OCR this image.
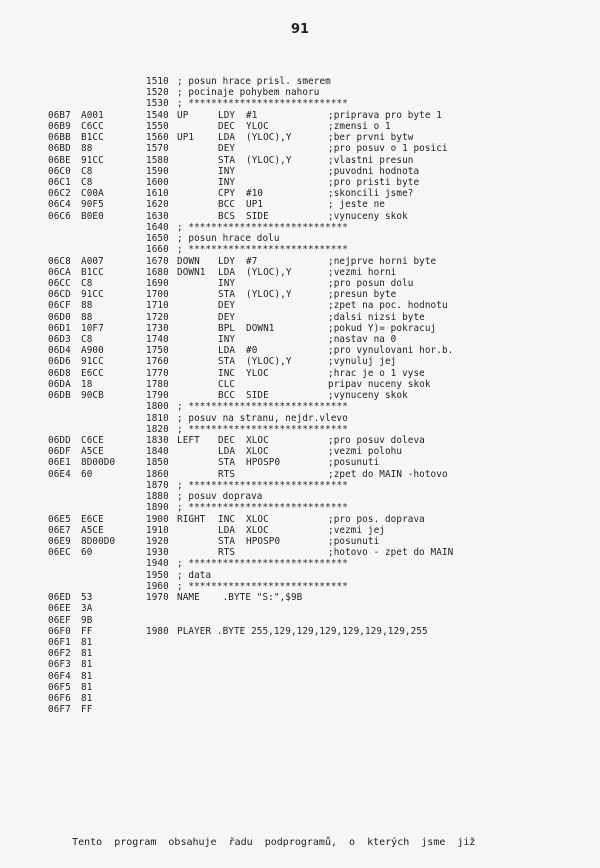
91
1510 ; posun hrace prisl. smerem
1520 ; pocinaje pohybem nahoru
1530 ; ****************************
06B7 A001	1540 UP	LDY #1	;priprava pro byte 1
06B9 C6CC	1550	DEC YLOC	;zmensi o 1
06BB B1CC	1560 UP1	LDA (YLOC),Y	;ber prvni bytw
06BD 88	1570	DEY	;pro posuv o 1 posici
06BE 91CC	1580	STA (YLOC),Y	;vlastni presun
06C0 C8	1590	INY	;puvodni hodnota
06C1 C8	1600	INY	;pro pristi byte
06C2 C00A	1610	CPY #10	;skoncili jsme?
06C4 90F5	1620	BCC UP1	; jeste ne
06C6 B0E0	1630	BCS SIDE	;vynuceny skok
1640 ; ****************************
1650 ; posun hrace dolu
1660 ; ****************************
06C8 A007	1670 DOWN LDY #7	;nejprve horni byte
06CA B1CC	1680 DOWN1 LDA (YLOC),Y	;vezmi horni
06CC C8	1690	INY	;pro posun dolu
06CD 91CC	1700	STA (YLOC),Y	;presun byte
06CF 88	1710	DEY	;zpet na poc. hodnotu
06D0 88	1720	DEY	;dalsi nizsi byte
06D1 10F7	1730	BPL DOWN1	;pokud Y)= pokracuj
06D3 C8	1740	INY	;nastav na 0
06D4 A900	1750	LDA #0	;pro vynulovani hor.b.
06D6 91CC	1760	STA (YLOC),Y	;vynuluj jej
06D8 E6CC	1770	INC YLOC	;hrac je o 1 vyse
06DA 18	1780	CLC	pripav nuceny skok
06DB 90CB	1790	BCC SIDE	;vynuceny skok
1800 ; ****************************
1810 ; posuv na stranu, nejdr.vlevo
1820 ; ****************************
06DD C6CE	1830 LEFT DEC XLOC	;pro posuv doleva
06DF A5CE	1840	LDA XLOC	;vezmi polohu
06E1 8D00D0	1850	STA HPOSP0	;posunuti
06E4 60	1860	RTS	;zpet do MAIN -hotovo
1870 ; ****************************
1880 ; posuv doprava
1890 ; ****************************
06E5 E6CE	1900 RIGHT INC XLOC	;pro pos. doprava
06E7 A5CE	1910	LDA XLOC	;vezmi jej
06E9 8D00D0	1920	STA HPOSP0	;posunuti
06EC 60	1930	RTS	;hotovo - zpet do MAIN
1940 ; ****************************
1950 ; data
1960 ; ****************************
06ED 53	1970 NAME    .BYTE "S:",$9B
06EE 3A
06EF 9B
06F0 FF	1980 PLAYER .BYTE 255,129,129,129,129,129,129,255
06F1 81
06F2 81
06F3 81
06F4 81
06F5 81
06F6 81
06F7 FF
Tento  program  obsahuje  řadu  podprogramů,  o  kterých  jsme  již
